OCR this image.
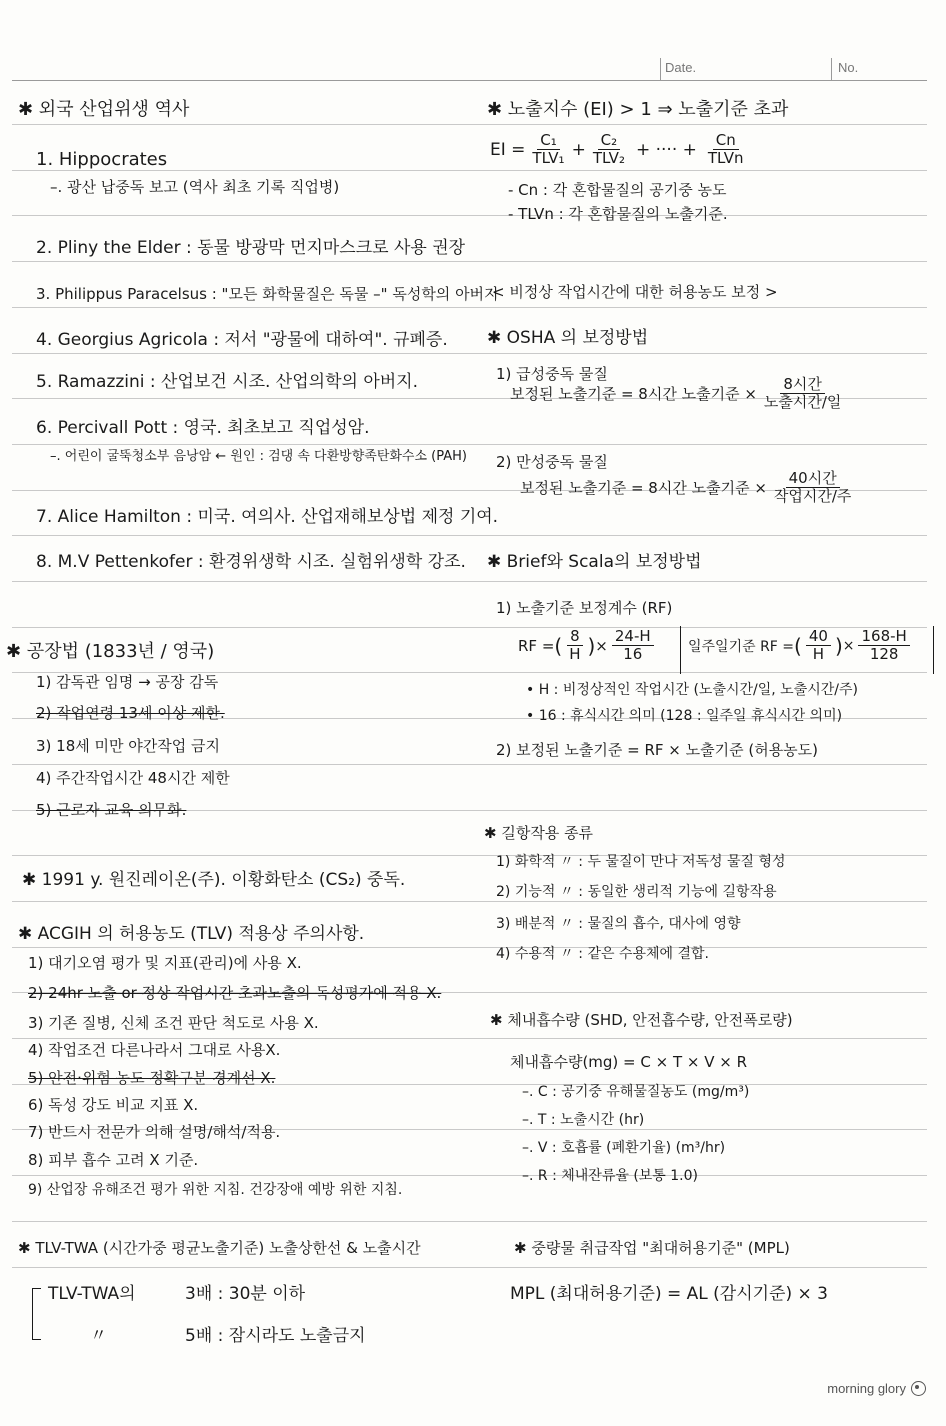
Date.	No.
✱ 외국 산업위생 역사
1. Hippocrates
–. 광산 납중독 보고 (역사 최초 기록 직업병)
2. Pliny the Elder : 동물 방광막 먼지마스크로 사용 권장
3. Philippus Paracelsus : "모든 화학물질은 독물 –" 독성학의 아버지
4. Georgius Agricola : 저서 "광물에 대하여". 규폐증.
5. Ramazzini : 산업보건 시조. 산업의학의 아버지.
6. Percivall Pott : 영국. 최초보고 직업성암.
–. 어린이 굴뚝청소부 음낭암 ← 원인 : 검댕 속 다환방향족탄화수소 (PAH)
7. Alice Hamilton : 미국. 여의사. 산업재해보상법 제정 기여.
8. M.V Pettenkofer : 환경위생학 시조. 실험위생학 강조.
✱ 공장법 (1833년 / 영국)
1) 감독관 임명 → 공장 감독
2) 작업연령 13세 이상 제한.
3) 18세 미만 야간작업 금지
4) 주간작업시간 48시간 제한
5) 근로자 교육 의무화.
✱ 1991 y. 원진레이온(주). 이황화탄소 (CS₂) 중독.
✱ ACGIH 의 허용농도 (TLV) 적용상 주의사항.
1) 대기오염 평가 및 지표(관리)에 사용 X.
2) 24hr 노출 or 정상 작업시간 초과노출의 독성평가에 적용 X.
3) 기존 질병, 신체 조건 판단 척도로 사용 X.
4) 작업조건 다른나라서 그대로 사용X.
5) 안전·위험 농도 정확구분 경계선 X.
6) 독성 강도 비교 지표 X.
7) 반드시 전문가 의해 설명/해석/적용.
8) 피부 흡수 고려 X 기준.
9) 산업장 유해조건 평가 위한 지침. 건강장애 예방 위한 지침.
✱ 노출지수 (EI) > 1 ⇒ 노출기준 초과
EI = $\frac{\text{C₁}}{\text{TLV₁}} + \frac{\text{C₂}}{\text{TLV₂}}$ + ···· + $\frac{Cn}{\text{TLVn}}$
- Cn : 각 혼합물질의 공기중 농도
- TLVn : 각 혼합물질의 노출기준.
< 비정상 작업시간에 대한 허용농도 보정 >
✱ OSHA 의 보정방법
1) 급성중독 물질
보정된 노출기준 = 8시간 노출기준 × $\frac{\text{8시간}}{\text{노출시간/일}}$
2) 만성중독 물질
보정된 노출기준 = 8시간 노출기준 × $\frac{\text{40시간}}{\text{작업시간/주}}$
✱ Brief와 Scala의 보정방법
1) 노출기준 보정계수 (RF)
RF = ( $\frac{8}{H}$ ) × $\frac{24-H}{16}$ 일주일기준 RF = ( $\frac{40}{H}$ ) × $\frac{168-H}{128}$
• H : 비정상적인 작업시간 (노출시간/일, 노출시간/주)
• 16 : 휴식시간 의미 (128 : 일주일 휴식시간 의미)
2) 보정된 노출기준 = RF × 노출기준 (허용농도)
✱ 길항작용 종류
1) 화학적 〃 : 두 물질이 만나 저독성 물질 형성
2) 기능적 〃 : 동일한 생리적 기능에 길항작용
3) 배분적 〃 : 물질의 흡수, 대사에 영향
4) 수용적 〃 : 같은 수용체에 결합.
✱ 체내흡수량 (SHD, 안전흡수량, 안전폭로량)
체내흡수량(mg) = C × T × V × R
–. C : 공기중 유해물질농도 (mg/m³)
–. T : 노출시간 (hr)
–. V : 호흡률 (폐환기율) (m³/hr)
–. R : 체내잔류율 (보통 1.0)
✱ TLV-TWA (시간가중 평균노출기준) 노출상한선 & 노출시간	✱ 중량물 취급작업 "최대허용기준" (MPL)
TLV-TWA의	3배 : 30분 이하
〃	5배 : 잠시라도 노출금지
MPL (최대허용기준) = AL (감시기준) × 3
morning glory
